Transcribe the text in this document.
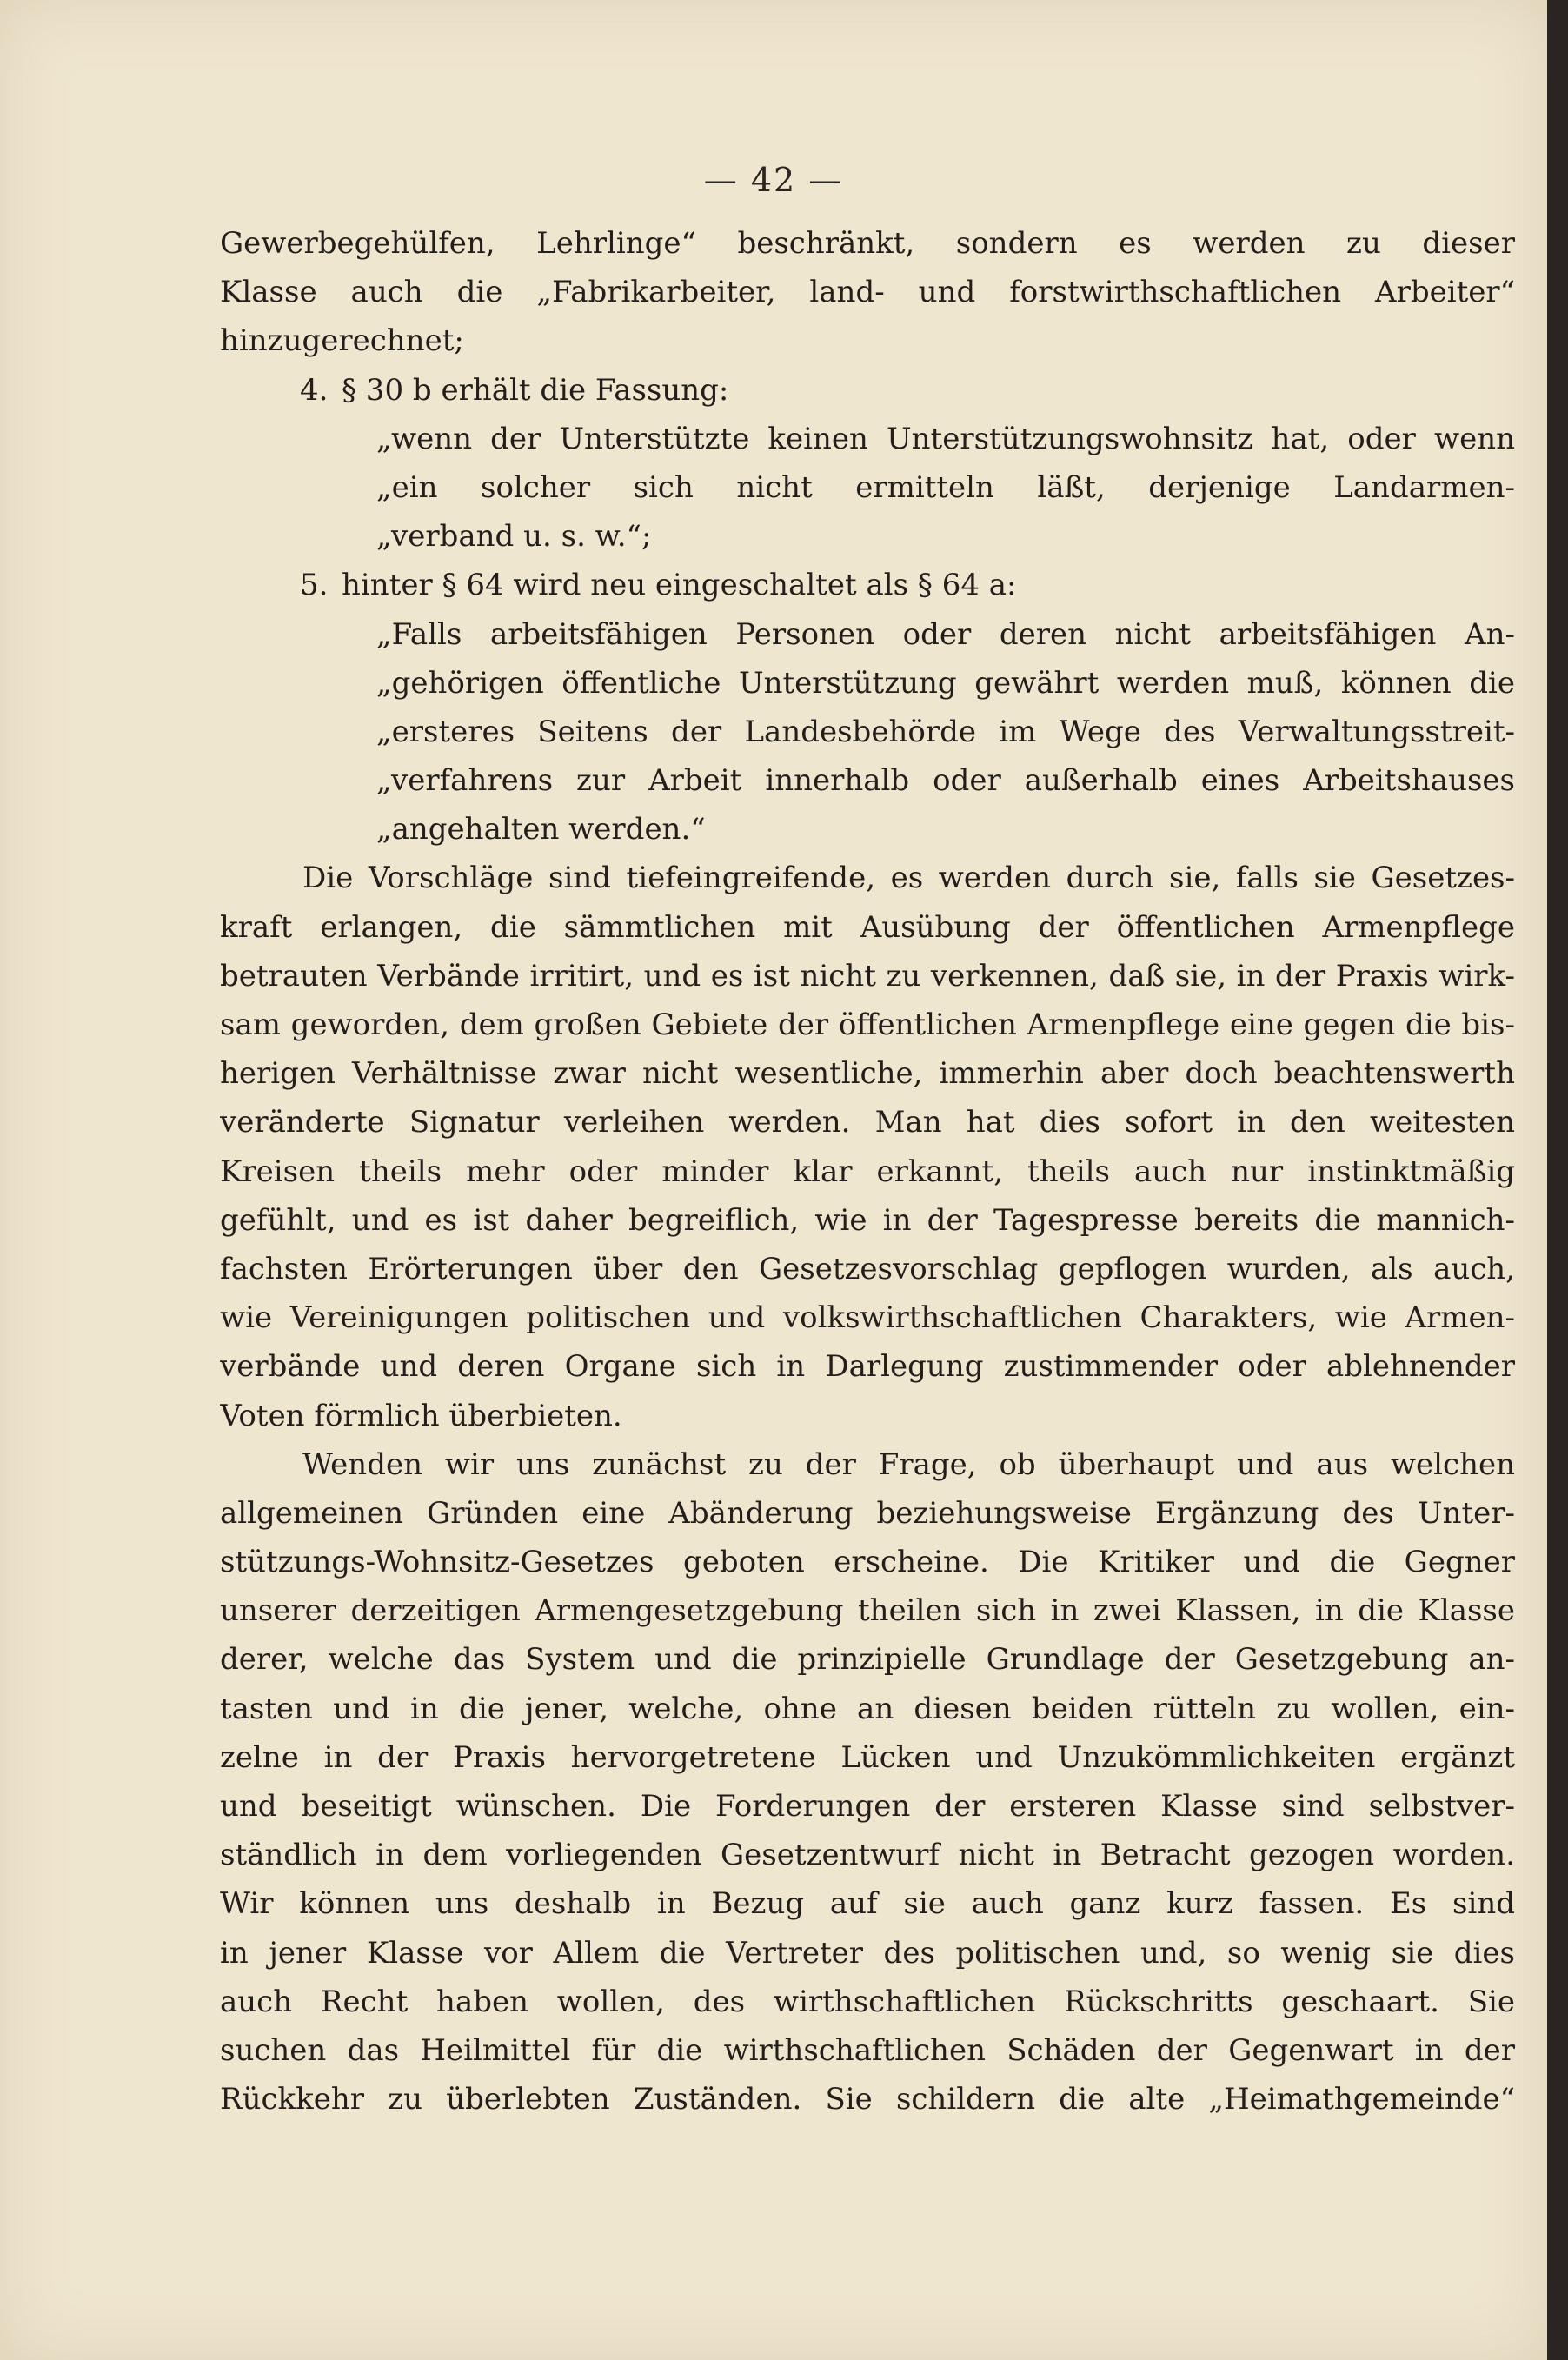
— 42 —
Gewerbegehülfen, Lehrlinge“ beschränkt, sondern es werden zu dieser
Klasse auch die „Fabrikarbeiter, land- und forstwirthschaftlichen Arbeiter“
hinzugerechnet;
4. § 30 b erhält die Fassung:
„wenn der Unterstützte keinen Unterstützungswohnsitz hat, oder wenn
„ein solcher sich nicht ermitteln läßt, derjenige Landarmen-
„verband u. s. w.“;
5. hinter § 64 wird neu eingeschaltet als § 64 a:
„Falls arbeitsfähigen Personen oder deren nicht arbeitsfähigen An-
„gehörigen öffentliche Unterstützung gewährt werden muß, können die
„ersteres Seitens der Landesbehörde im Wege des Verwaltungsstreit-
„verfahrens zur Arbeit innerhalb oder außerhalb eines Arbeitshauses
„angehalten werden.“
Die Vorschläge sind tiefeingreifende, es werden durch sie, falls sie Gesetzes-
kraft erlangen, die sämmtlichen mit Ausübung der öffentlichen Armenpflege
betrauten Verbände irritirt, und es ist nicht zu verkennen, daß sie, in der Praxis wirk-
sam geworden, dem großen Gebiete der öffentlichen Armenpflege eine gegen die bis-
herigen Verhältnisse zwar nicht wesentliche, immerhin aber doch beachtenswerth
veränderte Signatur verleihen werden. Man hat dies sofort in den weitesten
Kreisen theils mehr oder minder klar erkannt, theils auch nur instinktmäßig
gefühlt, und es ist daher begreiflich, wie in der Tagespresse bereits die mannich-
fachsten Erörterungen über den Gesetzesvorschlag gepflogen wurden, als auch,
wie Vereinigungen politischen und volkswirthschaftlichen Charakters, wie Armen-
verbände und deren Organe sich in Darlegung zustimmender oder ablehnender
Voten förmlich überbieten.
Wenden wir uns zunächst zu der Frage, ob überhaupt und aus welchen
allgemeinen Gründen eine Abänderung beziehungsweise Ergänzung des Unter-
stützungs-Wohnsitz-Gesetzes geboten erscheine. Die Kritiker und die Gegner
unserer derzeitigen Armengesetzgebung theilen sich in zwei Klassen, in die Klasse
derer, welche das System und die prinzipielle Grundlage der Gesetzgebung an-
tasten und in die jener, welche, ohne an diesen beiden rütteln zu wollen, ein-
zelne in der Praxis hervorgetretene Lücken und Unzukömmlichkeiten ergänzt
und beseitigt wünschen. Die Forderungen der ersteren Klasse sind selbstver-
ständlich in dem vorliegenden Gesetzentwurf nicht in Betracht gezogen worden.
Wir können uns deshalb in Bezug auf sie auch ganz kurz fassen. Es sind
in jener Klasse vor Allem die Vertreter des politischen und, so wenig sie dies
auch Recht haben wollen, des wirthschaftlichen Rückschritts geschaart. Sie
suchen das Heilmittel für die wirthschaftlichen Schäden der Gegenwart in der
Rückkehr zu überlebten Zuständen. Sie schildern die alte „Heimathgemeinde“
